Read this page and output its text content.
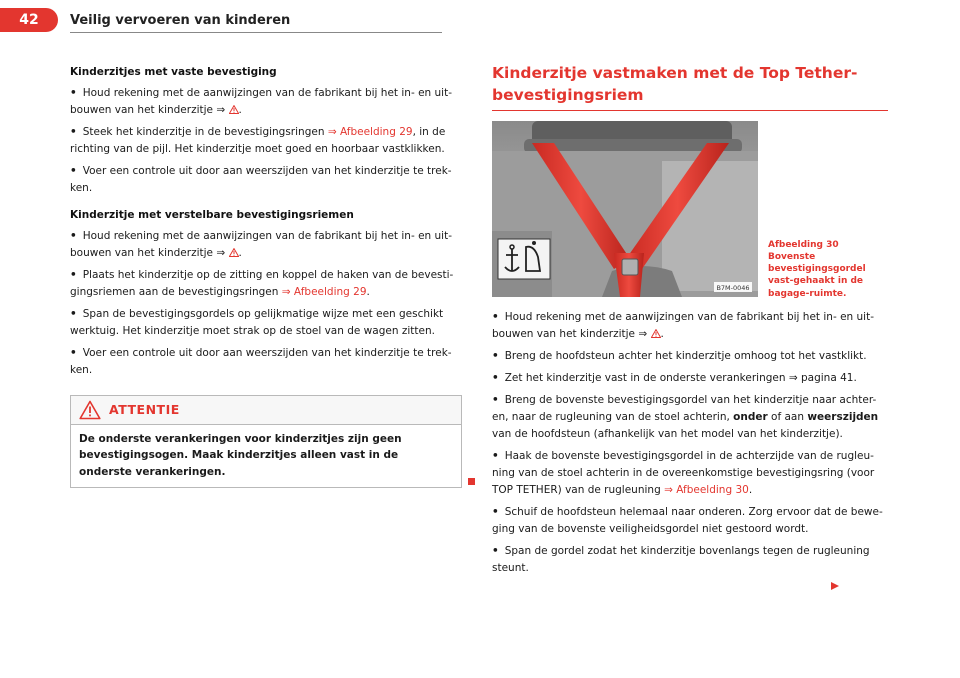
42	Veilig vervoeren van kinderen
Kinderzitjes met vaste bevestiging

• Houd rekening met de aanwijzingen van de fabrikant bij het in- en uit-bouwen van het kinderzitje ⇒ .

• Steek het kinderzitje in de bevestigingsringen ⇒ Afbeelding 29, in de richting van de pijl. Het kinderzitje moet goed en hoorbaar vastklikken.

• Voer een controle uit door aan weerszijden van het kinderzitje te trek-ken.

Kinderzitje met verstelbare bevestigingsriemen

• Houd rekening met de aanwijzingen van de fabrikant bij het in- en uit-bouwen van het kinderzitje ⇒ .

• Plaats het kinderzitje op de zitting en koppel de haken van de bevesti-gingsriemen aan de bevestigingsringen ⇒ Afbeelding 29.

• Span de bevestigingsgordels op gelijkmatige wijze met een geschikt werktuig. Het kinderzitje moet strak op de stoel van de wagen zitten.

• Voer een controle uit door aan weerszijden van het kinderzitje te trek-ken.

ATTENTIE
De onderste verankeringen voor kinderzitjes zijn geen bevestigingsogen. Maak kinderzitjes alleen vast in de onderste verankeringen.
Kinderzitje vastmaken met de Top Tether-bevestigingsriem
B7M-0046
Afbeelding 30 Bovenste bevestigingsgordel vast-gehaakt in de bagage-ruimte.

• Houd rekening met de aanwijzingen van de fabrikant bij het in- en uit-bouwen van het kinderzitje ⇒ .

• Breng de hoofdsteun achter het kinderzitje omhoog tot het vastklikt.

• Zet het kinderzitje vast in de onderste verankeringen ⇒ pagina 41.

• Breng de bovenste bevestigingsgordel van het kinderzitje naar achter-en, naar de rugleuning van de stoel achterin, onder of aan weerszijden van de hoofdsteun (afhankelijk van het model van het kinderzitje).

• Haak de bovenste bevestigingsgordel in de achterzijde van de rugleu-ning van de stoel achterin in de overeenkomstige bevestigingsring (voor TOP TETHER) van de rugleuning ⇒ Afbeelding 30.

• Schuif de hoofdsteun helemaal naar onderen. Zorg ervoor dat de bewe-ging van de bovenste veiligheidsgordel niet gestoord wordt.

• Span de gordel zodat het kinderzitje bovenlangs tegen de rugleuning steunt.
